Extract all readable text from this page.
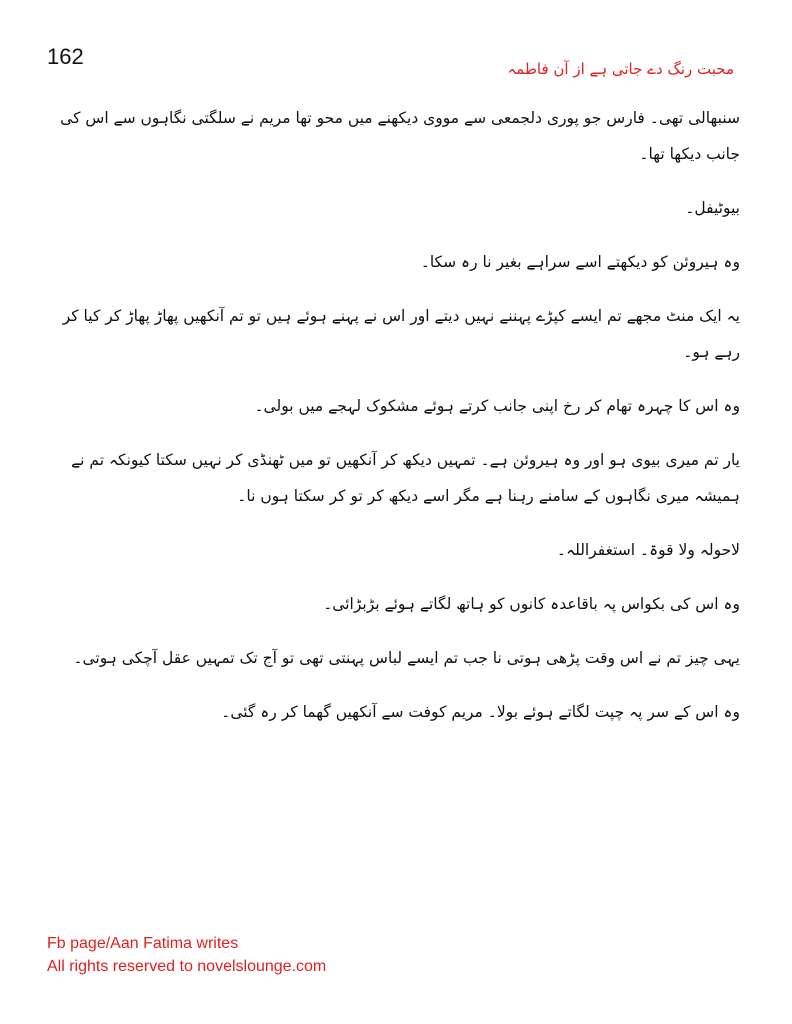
162	محبت رنگ دے جاتی ہے از آن فاطمہ

سنبھالی تھی۔ فارس جو پوری دلجمعی سے مووی دیکھنے میں محو تھا مریم نے سلگتی نگاہوں سے اس کی جانب دیکھا تھا۔

بیوٹیفل۔

وہ ہیروئن کو دیکھتے اسے سراہے بغیر نا رہ سکا۔

یہ ایک منٹ مجھے تم ایسے کپڑے پہننے نہیں دیتے اور اس نے پہنے ہوئے ہیں تو تم آنکھیں پھاڑ پھاڑ کر کیا کر رہے ہو۔

وہ اس کا چہرہ تھام کر رخ اپنی جانب کرتے ہوئے مشکوک لہجے میں بولی۔

یار تم میری بیوی ہو اور وہ ہیروئن ہے۔ تمہیں دیکھ کر آنکھیں تو میں ٹھنڈی کر نہیں سکتا کیونکہ تم نے ہمیشہ میری نگاہوں کے سامنے رہنا ہے مگر اسے دیکھ کر تو کر سکتا ہوں نا۔

لاحولہ ولا قوۃ۔ استغفراللہ۔

وہ اس کی بکواس پہ باقاعدہ کانوں کو ہاتھ لگاتے ہوئے بڑبڑائی۔

یہی چیز تم نے اس وقت پڑھی ہوتی نا جب تم ایسے لباس پہنتی تھی تو آج تک تمہیں عقل آچکی ہوتی۔

وہ اس کے سر پہ چپت لگاتے ہوئے بولا۔ مریم کوفت سے آنکھیں گھما کر رہ گئی۔

Fb page/Aan Fatima writes
All rights reserved to novelslounge.com
